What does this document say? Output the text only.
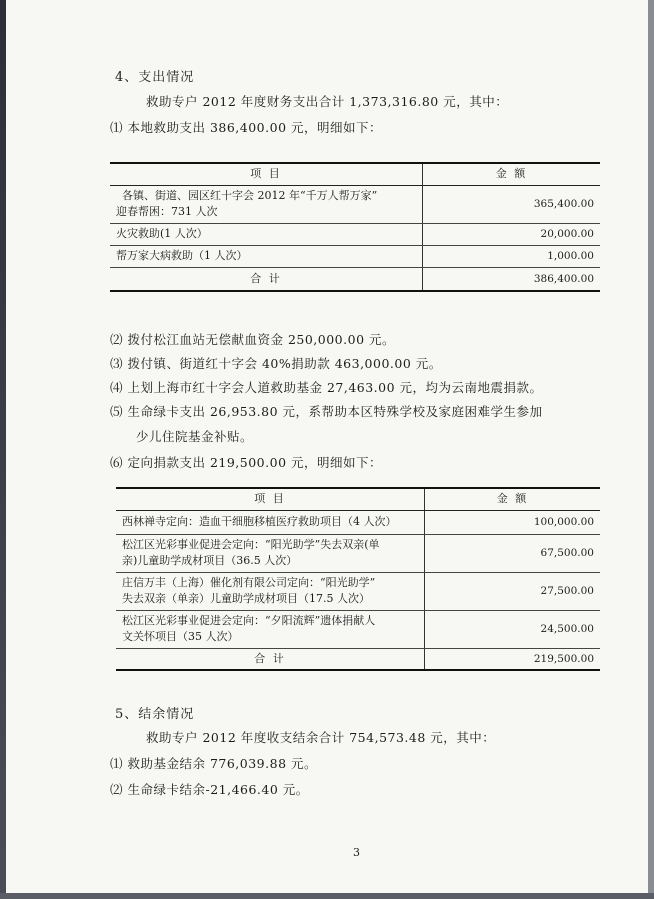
4、支出情况
救助专户 2012 年度财务支出合计 1,373,316.80 元，其中：
⑴ 本地救助支出 386,400.00 元，明细如下：
项 目	金 额

各镇、街道、园区红十字会 2012 年“千万人帮万家”
迎春帮困：731 人次	365,400.00
火灾救助(1 人次）	20,000.00
帮万家大病救助（1 人次）	1,000.00
合 计	386,400.00
⑵ 拨付松江血站无偿献血资金 250,000.00 元。
⑶ 拨付镇、街道红十字会 40%捐助款 463,000.00 元。
⑷ 上划上海市红十字会人道救助基金 27,463.00 元，均为云南地震捐款。
⑸ 生命绿卡支出 26,953.80 元，系帮助本区特殊学校及家庭困难学生参加
少儿住院基金补贴。
⑹ 定向捐款支出 219,500.00 元，明细如下：
项 目	金 额
西林禅寺定向：造血干细胞移植医疗救助项目（4 人次）	100,000.00

松江区光彩事业促进会定向：“阳光助学”失去双亲(单
亲)儿童助学成材项目（36.5 人次）	67,500.00

庄信万丰（上海）催化剂有限公司定向：“阳光助学”
失去双亲（单亲）儿童助学成材项目（17.5 人次）	27,500.00

松江区光彩事业促进会定向：“夕阳流辉”遗体捐献人
文关怀项目（35 人次）	24,500.00
合 计	219,500.00
5、结余情况
救助专户 2012 年度收支结余合计 754,573.48 元，其中：
⑴ 救助基金结余 776,039.88 元。
⑵ 生命绿卡结余-21,466.40 元。
3
